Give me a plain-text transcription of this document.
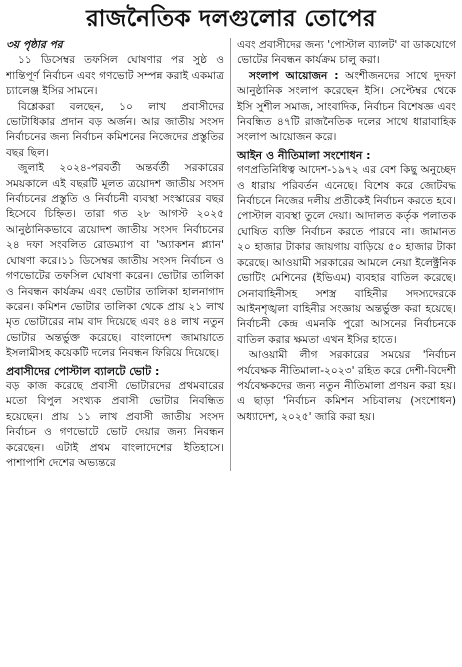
রাজনৈতিক দলগুলোর তোপের

৩য় পৃষ্ঠার পর

১১ ডিসেম্বর তফসিল ঘোষণার পর সুষ্ঠ ও শান্তিপূর্ণ নির্বাচন এবং গণভোট সম্পন্ন করাই একমাত্র চ্যালেঞ্জ ইসির সামনে।

বিশ্লেকরা বলছেন, ১০ লাখ প্রবাসীদের ভোটাধিকার প্রদান বড় অর্জন। আর জাতীয় সংসদ নির্বাচনের জন্য নির্বাচন কমিশনের নিজেদের প্রস্তুতির বছর ছিল।

জুলাই ২০২৪-পরবর্তী অন্তর্বর্তী সরকারের সময়কালে এই বছরটি মূলত ত্রয়োদশ জাতীয় সংসদ নির্বাচনের প্রস্তুতি ও নির্বাচনী ব্যবস্থা সংস্কারের বছর হিসেবে চিহ্নিত। তারা গত ২৮ আগস্ট ২০২৫ আনুষ্ঠানিকভাবে ত্রয়োদশ জাতীয় সংসদ নির্বাচনের ২৪ দফা সংবলিত রোডম্যাপ বা 'অ্যাকশন প্ল্যান' ঘোষণা করে।১১ ডিসেম্বর জাতীয় সংসদ নির্বাচন ও গণভোটের তফসিল ঘোষণা করেন। ভোটার তালিকা ও নিবন্ধন কার্যক্রম এবং ভোটার তালিকা হালনাগাদ করেন। কমিশন ভোটার তালিকা থেকে প্রায় ২১ লাখ মৃত ভোটারের নাম বাদ দিয়েছে এবং ৪৪ লাখ নতুন ভোটার অন্তর্ভুক্ত করেছে। বাংলাদেশ জামায়াতে ইসলামীসহ কয়েকটি দলের নিবন্ধন ফিরিয়ে দিয়েছে।

প্রবাসীদের পোস্টাল ব্যালটে ভোট :

বড় কাজ করেছে প্রবাসী ভোটারদের প্রথমবারের মতো বিপুল সংখ্যক প্রবাসী ভোটার নিবন্ধিত হয়েছেন। প্রায় ১১ লাখ প্রবাসী জাতীয় সংসদ নির্বাচন ও গণভোটে ভোট দেয়ার জন্য নিবন্ধন করেছেন। এটাই প্রথম বাংলাদেশের ইতিহাসে। পাশাপাশি দেশের অভ্যন্তরে

এবং প্রবাসীদের জন্য 'পোস্টাল ব্যালট' বা ডাকযোগে ভোটের নিবন্ধন কার্যক্রম চালু করা।

সংলাপ আয়োজন : অংশীজনদের সাথে দুদফা আনুষ্ঠানিক সংলাপ করেছেন ইসি। সেপ্টেম্বর থেকে ইসি সুশীল সমাজ, সাংবাদিক, নির্বাচন বিশেষজ্ঞ এবং নিবন্ধিত ৪৭টি রাজনৈতিক দলের সাথে ধারাবাহিক সংলাপ আয়োজন করে।

আইন ও নীতিমালা সংশোধন :

গণপ্রতিনিধিত্ব আদেশ-১৯৭২ এর বেশ কিছু অনুচ্ছেদ ও ধারায় পরিবর্তন এনেছে। বিশেষ করে জোটবদ্ধ নির্বাচনে নিজের দলীয় প্রতীকেই নির্বাচন করতে হবে। পোস্টাল ব্যবস্থা তুলে দেয়া। আদালত কর্তৃক পলাতক ঘোষিত ব্যক্তি নির্বাচন করতে পারবে না। জামানত ২০ হাজার টাকার জায়গায় বাড়িয়ে ৫০ হাজার টাকা করেছে। আওয়ামী সরকারের আমলে নেয়া ইলেক্ট্রনিক ভোটিং মেশিনের (ইভিএম) ব্যবহার বাতিল করেছে। সেনাবাহিনীসহ সশস্ত্র বাহিনীর সদস্যদেরকে আইনশৃঙ্খলা বাহিনীর সংজ্ঞায় অন্তর্ভুক্ত করা হয়েছে। নির্বাচনী কেন্দ্র এমনকি পুরো আসনের নির্বাচনকে বাতিল করার ক্ষমতা এখন ইসির হাতে।

আওয়ামী লীগ সরকারের সময়ের 'নির্বাচন পর্যবেক্ষক নীতিমালা-২০২৩' রহিত করে দেশী-বিদেশী পর্যবেক্ষকদের জন্য নতুন নীতিমালা প্রণয়ন করা হয়। এ ছাড়া 'নির্বাচন কমিশন সচিবালয় (সংশোধন) অধ্যাদেশ, ২০২৫' জারি করা হয়।
